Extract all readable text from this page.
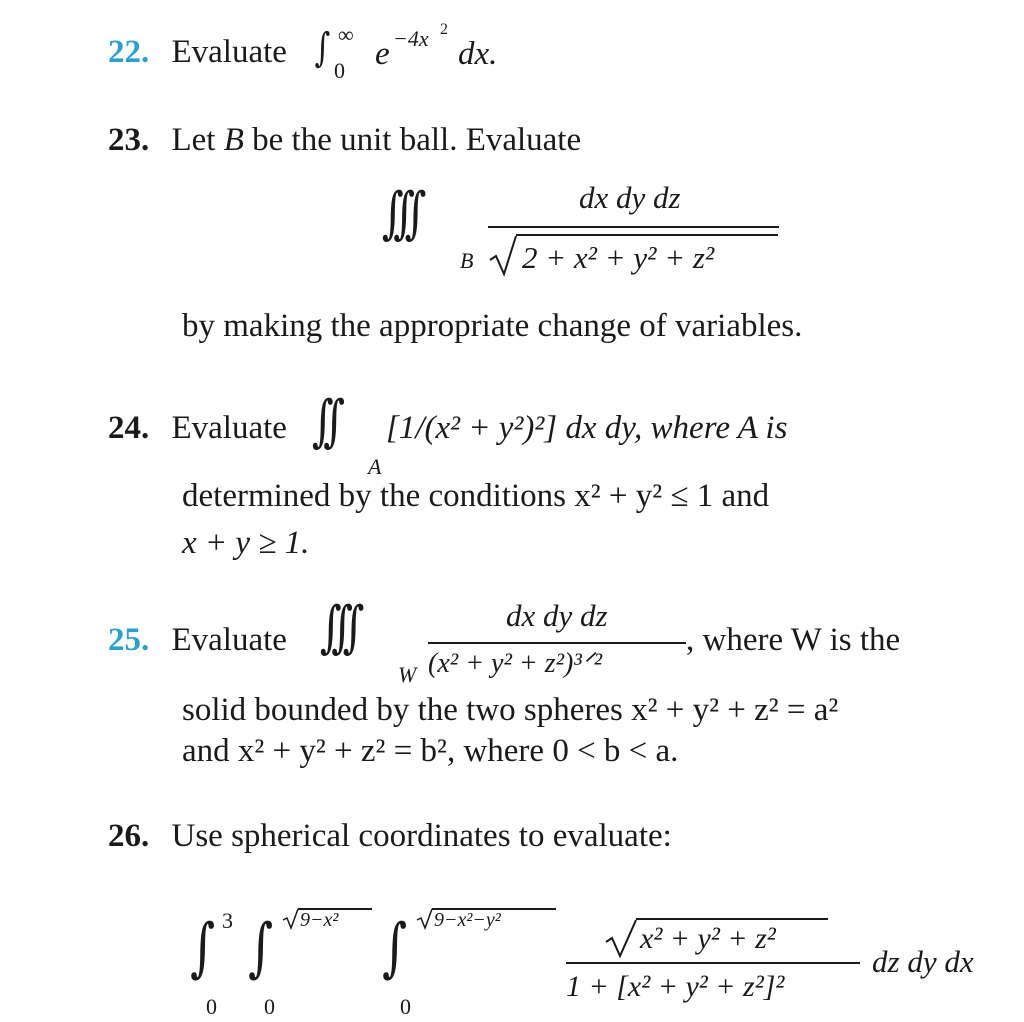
22. Evaluate ∫ ∞
0 e −4x 2
dx.
23. Let B be the unit ball. Evaluate
∫∫∫
B
dx dy dz
2 + x² + y² + z²
by making the appropriate change of variables.
24. Evaluate ∫∫
A
[1/(x² + y²)²] dx dy, where A is
determined by the conditions x² + y² ≤ 1 and
x + y ≥ 1.
25. Evaluate ∫∫∫
W
dx dy dz
(x² + y² + z²)³ᐟ²
, where W is the
solid bounded by the two spheres x² + y² + z² = a²
and x² + y² + z² = b², where 0 < b < a.
26. Use spherical coordinates to evaluate:
∫ 3
0
∫ 9−x²
0
∫ 9−x²−y²
0
x² + y² + z²
1 + [x² + y² + z²]²
dz dy dx
